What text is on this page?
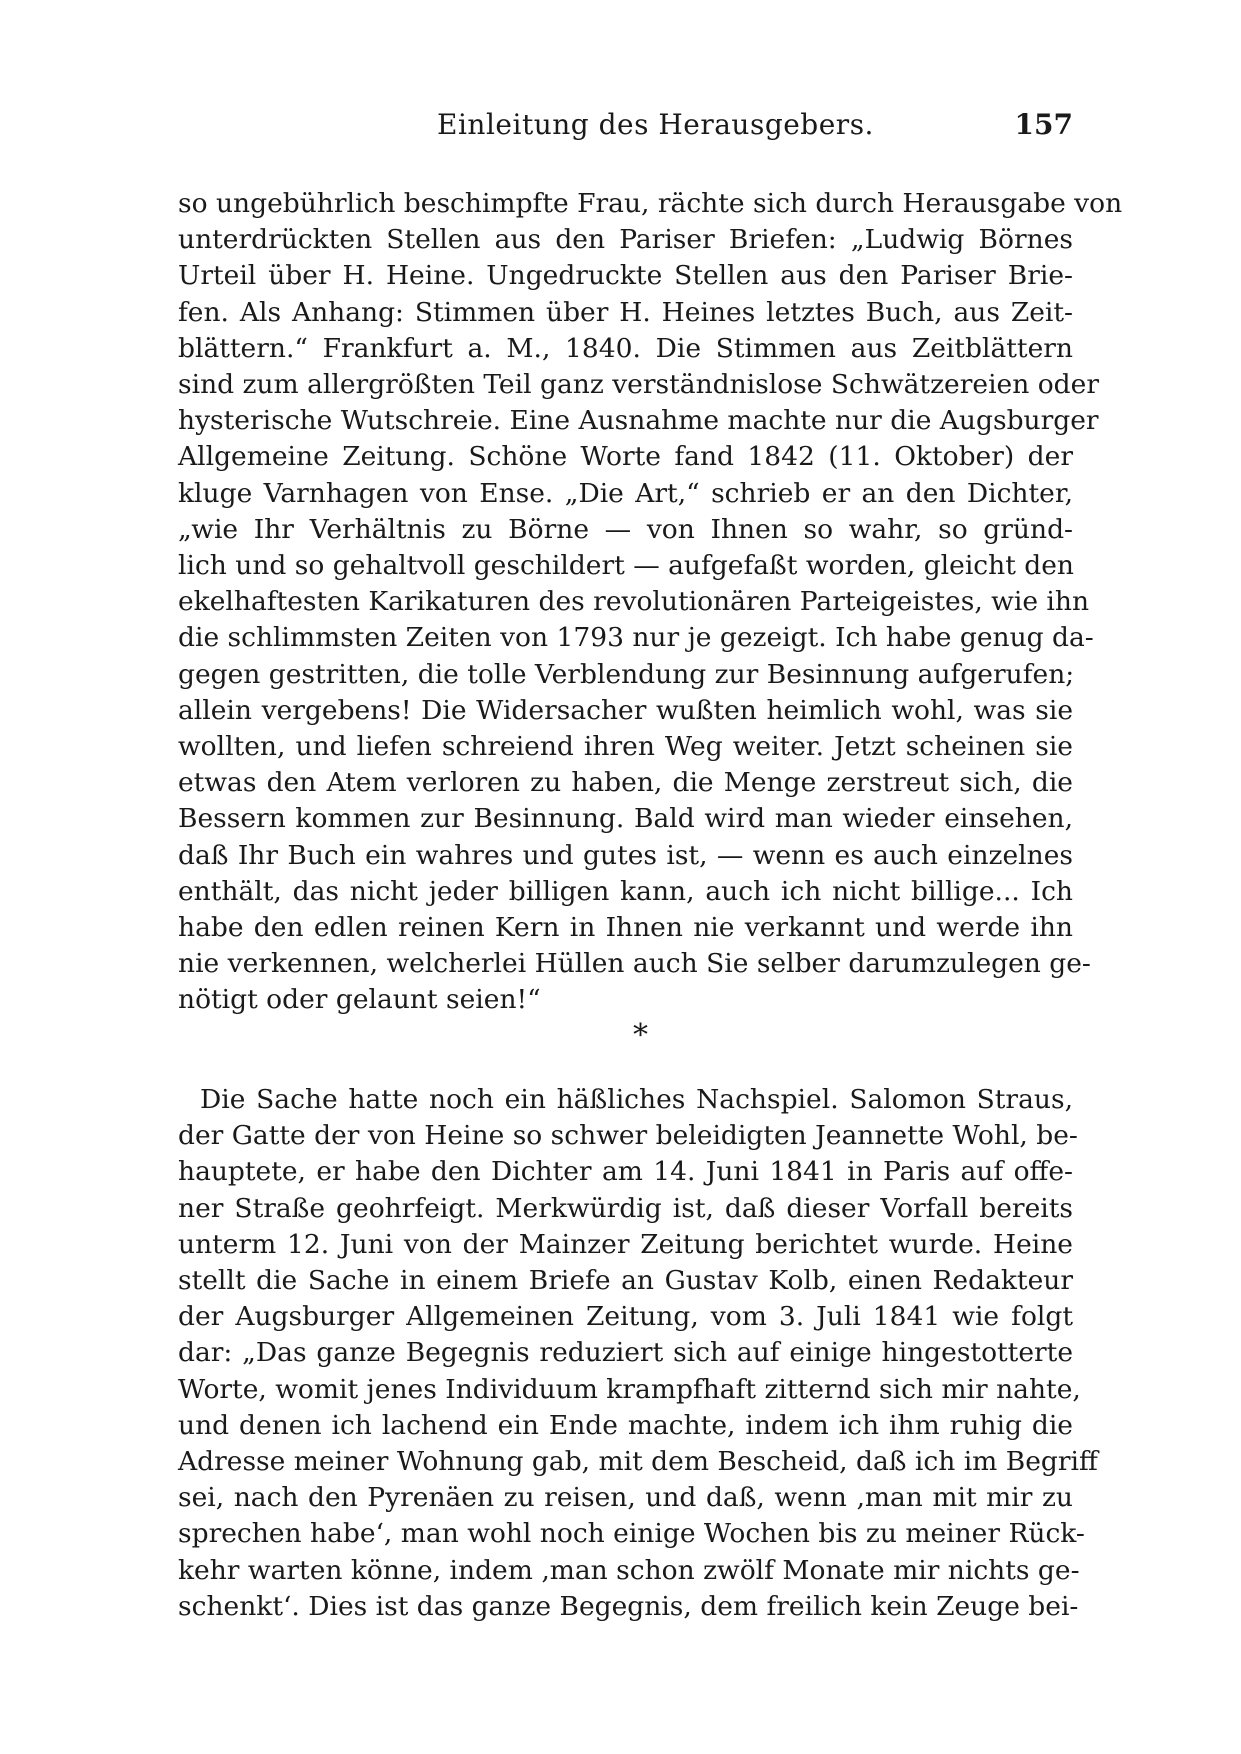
Einleitung des Herausgebers.	157
so ungebührlich beschimpfte Frau, rächte sich durch Herausgabe von
unterdrückten Stellen aus den Pariser Briefen: „Ludwig Börnes
Urteil über H. Heine. Ungedruckte Stellen aus den Pariser Brie-
fen. Als Anhang: Stimmen über H. Heines letztes Buch, aus Zeit-
blättern.“ Frankfurt a. M., 1840. Die Stimmen aus Zeitblättern
sind zum allergrößten Teil ganz verständnislose Schwätzereien oder
hysterische Wutschreie. Eine Ausnahme machte nur die Augsburger
Allgemeine Zeitung. Schöne Worte fand 1842 (11. Oktober) der
kluge Varnhagen von Ense. „Die Art,“ schrieb er an den Dichter,
„wie Ihr Verhältnis zu Börne — von Ihnen so wahr, so gründ-
lich und so gehaltvoll geschildert — aufgefaßt worden, gleicht den
ekelhaftesten Karikaturen des revolutionären Parteigeistes, wie ihn
die schlimmsten Zeiten von 1793 nur je gezeigt. Ich habe genug da-
gegen gestritten, die tolle Verblendung zur Besinnung aufgerufen;
allein vergebens! Die Widersacher wußten heimlich wohl, was sie
wollten, und liefen schreiend ihren Weg weiter. Jetzt scheinen sie
etwas den Atem verloren zu haben, die Menge zerstreut sich, die
Bessern kommen zur Besinnung. Bald wird man wieder einsehen,
daß Ihr Buch ein wahres und gutes ist, — wenn es auch einzelnes
enthält, das nicht jeder billigen kann, auch ich nicht billige... Ich
habe den edlen reinen Kern in Ihnen nie verkannt und werde ihn
nie verkennen, welcherlei Hüllen auch Sie selber darumzulegen ge-
nötigt oder gelaunt seien!“
*
Die Sache hatte noch ein häßliches Nachspiel. Salomon Straus,
der Gatte der von Heine so schwer beleidigten Jeannette Wohl, be-
hauptete, er habe den Dichter am 14. Juni 1841 in Paris auf offe-
ner Straße geohrfeigt. Merkwürdig ist, daß dieser Vorfall bereits
unterm 12. Juni von der Mainzer Zeitung berichtet wurde. Heine
stellt die Sache in einem Briefe an Gustav Kolb, einen Redakteur
der Augsburger Allgemeinen Zeitung, vom 3. Juli 1841 wie folgt
dar: „Das ganze Begegnis reduziert sich auf einige hingestotterte
Worte, womit jenes Individuum krampfhaft zitternd sich mir nahte,
und denen ich lachend ein Ende machte, indem ich ihm ruhig die
Adresse meiner Wohnung gab, mit dem Bescheid, daß ich im Begriff
sei, nach den Pyrenäen zu reisen, und daß, wenn ‚man mit mir zu
sprechen habe‘, man wohl noch einige Wochen bis zu meiner Rück-
kehr warten könne, indem ‚man schon zwölf Monate mir nichts ge-
schenkt‘. Dies ist das ganze Begegnis, dem freilich kein Zeuge bei-
